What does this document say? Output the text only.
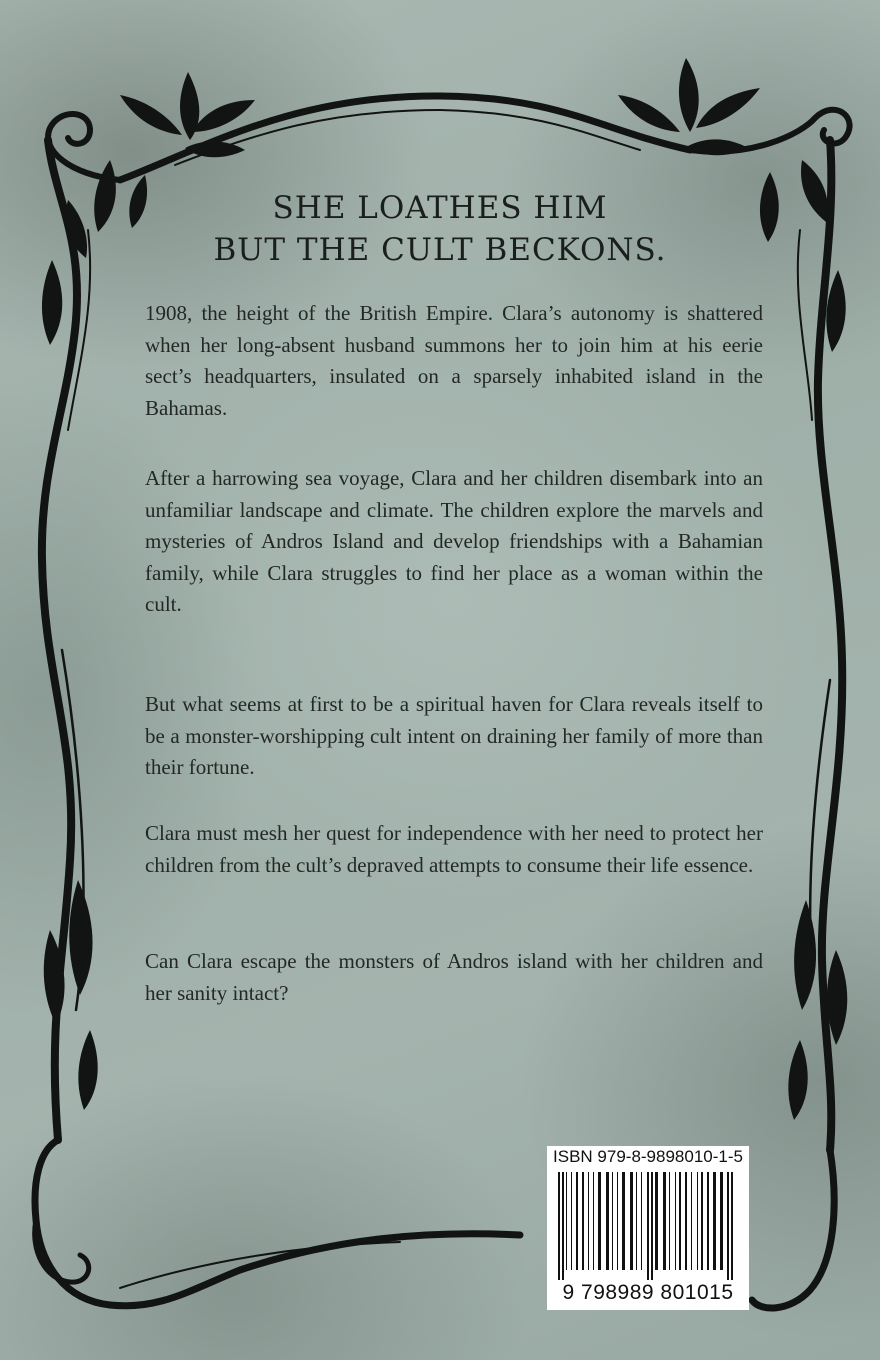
SHE LOATHES HIM
BUT THE CULT BECKONS.

1908, the height of the British Empire. Clara’s autonomy is shattered when her long-absent husband summons her to join him at his eerie sect’s headquarters, insulated on a sparsely inhabited island in the Bahamas.

After a harrowing sea voyage, Clara and her children disembark into an unfamiliar landscape and climate. The children explore the marvels and mysteries of Andros Island and develop friendships with a Bahamian family, while Clara struggles to find her place as a woman within the cult.

But what seems at first to be a spiritual haven for Clara reveals itself to be a monster-worshipping cult intent on draining her family of more than their fortune.

Clara must mesh her quest for independence with her need to protect her children from the cult’s depraved attempts to consume their life essence.

Can Clara escape the monsters of Andros island with her children and her sanity intact?

ISBN 979-8-9898010-1-5
9 798989 801015
